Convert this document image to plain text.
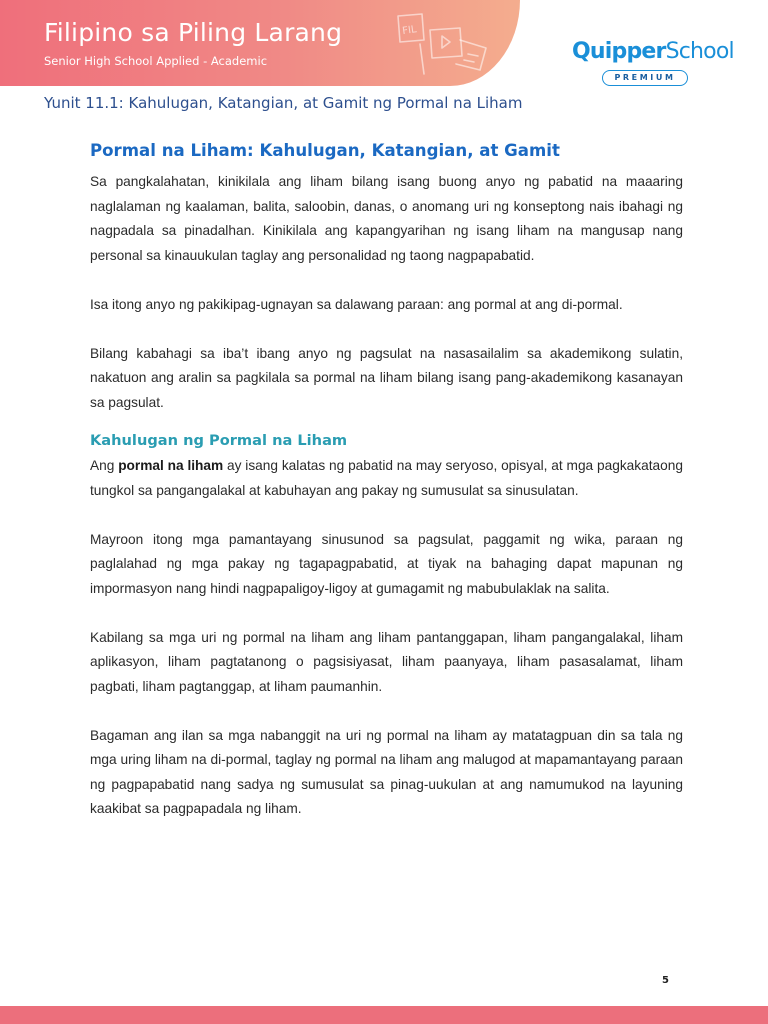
Filipino sa Piling Larang
Senior High School Applied - Academic
FIL
QuipperSchool
PREMIUM
Yunit 11.1: Kahulugan, Katangian, at Gamit ng Pormal na Liham
Pormal na Liham: Kahulugan, Katangian, at Gamit

Sa pangkalahatan, kinikilala ang liham bilang isang buong anyo ng pabatid na maaaring naglalaman ng kaalaman, balita, saloobin, danas, o anomang uri ng konseptong nais ibahagi ng nagpadala sa pinadalhan. Kinikilala ang kapangyarihan ng isang liham na mangusap nang personal sa kinauukulan taglay ang personalidad ng taong nagpapabatid.

Isa itong anyo ng pakikipag-ugnayan sa dalawang paraan: ang pormal at ang di-pormal.

Bilang kabahagi sa iba’t ibang anyo ng pagsulat na nasasailalim sa akademikong sulatin, nakatuon ang aralin sa pagkilala sa pormal na liham bilang isang pang-akademikong kasanayan sa pagsulat.

Kahulugan ng Pormal na Liham

Ang pormal na liham ay isang kalatas ng pabatid na may seryoso, opisyal, at mga pagkakataong tungkol sa pangangalakal at kabuhayan ang pakay ng sumusulat sa sinusulatan.

Mayroon itong mga pamantayang sinusunod sa pagsulat, paggamit ng wika, paraan ng paglalahad ng mga pakay ng tagapagpabatid, at tiyak na bahaging dapat mapunan ng impormasyon nang hindi nagpapaligoy-ligoy at gumagamit ng mabubulaklak na salita.

Kabilang sa mga uri ng pormal na liham ang liham pantanggapan, liham pangangalakal, liham aplikasyon, liham pagtatanong o pagsisiyasat, liham paanyaya, liham pasasalamat, liham pagbati, liham pagtanggap, at liham paumanhin.

Bagaman ang ilan sa mga nabanggit na uri ng pormal na liham ay matatagpuan din sa tala ng mga uring liham na di-pormal, taglay ng pormal na liham ang malugod at mapamantayang paraan ng pagpapabatid nang sadya ng sumusulat sa pinag-uukulan at ang namumukod na layuning kaakibat sa pagpapadala ng liham.

5
